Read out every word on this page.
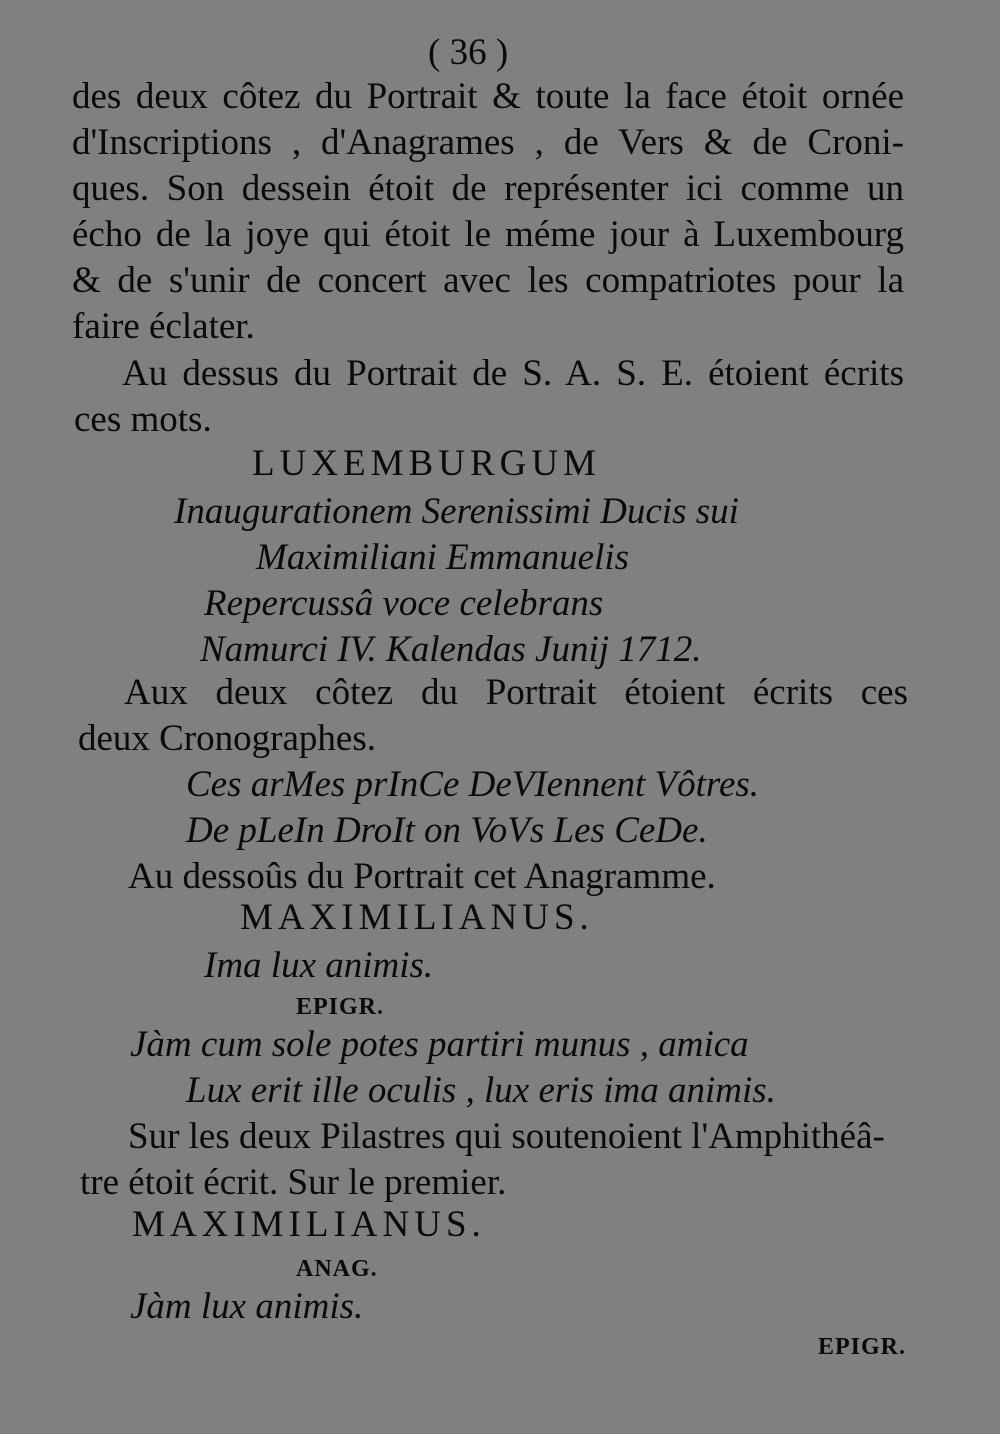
( 36 )
des deux côtez du Portrait & toute la face étoit ornée
d'Inscriptions , d'Anagrames , de Vers & de Croni-
ques. Son dessein étoit de représenter ici comme un
écho de la joye qui étoit le méme jour à Luxembourg
& de s'unir de concert avec les compatriotes pour la
faire éclater.
Au dessus du Portrait de S. A. S. E. étoient écrits
ces mots.
LUXEMBURGUM
Inaugurationem Serenissimi Ducis sui
Maximiliani Emmanuelis
Repercussâ voce celebrans
Namurci IV. Kalendas Junij 1712.
Aux deux côtez du Portrait étoient écrits ces
deux Cronographes.
Ces arMes prInCe DeVIennent Vôtres.
De pLeIn DroIt on VoVs Les CeDe.
Au dessoûs du Portrait cet Anagramme.
MAXIMILIANUS.
Ima lux animis.
EPIGR.
Jàm cum sole potes partiri munus , amica
Lux erit ille oculis , lux eris ima animis.
Sur les deux Pilastres qui soutenoient l'Amphithéâ-
tre étoit écrit. Sur le premier.
MAXIMILIANUS.
ANAG.
Jàm lux animis.
EPIGR.
